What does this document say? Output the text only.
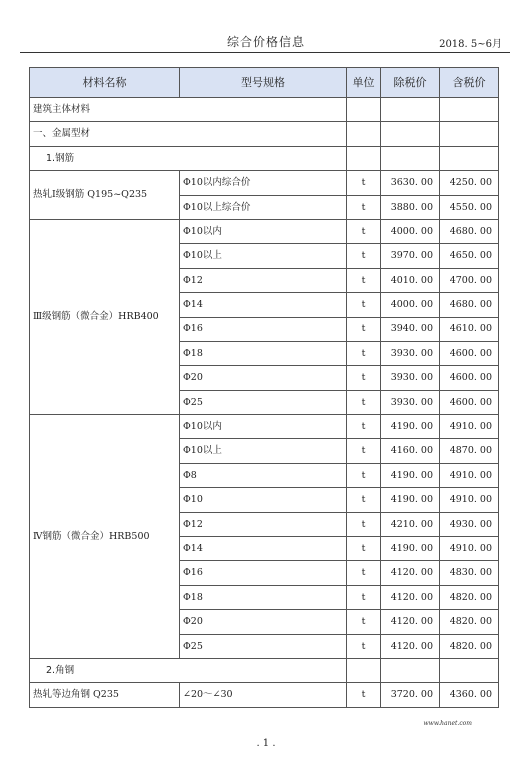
综合价格信息	2018. 5~6月
材料名称	型号规格	单位	除税价	含税价
建筑主体材料				
一、金属型材				
1.钢筋				
热轧Ⅰ级钢筋 Q195~Q235	Φ10以内综合价	t	3630. 00	4250. 00
	Φ10以上综合价	t	3880. 00	4550. 00
Ⅲ级钢筋（微合金）HRB400	Φ10以内	t	4000. 00	4680. 00
	Φ10以上	t	3970. 00	4650. 00
	Φ12	t	4010. 00	4700. 00
	Φ14	t	4000. 00	4680. 00
	Φ16	t	3940. 00	4610. 00
	Φ18	t	3930. 00	4600. 00
	Φ20	t	3930. 00	4600. 00
	Φ25	t	3930. 00	4600. 00
Ⅳ钢筋（微合金）HRB500	Φ10以内	t	4190. 00	4910. 00
	Φ10以上	t	4160. 00	4870. 00
	Φ8	t	4190. 00	4910. 00
	Φ10	t	4190. 00	4910. 00
	Φ12	t	4210. 00	4930. 00
	Φ14	t	4190. 00	4910. 00
	Φ16	t	4120. 00	4830. 00
	Φ18	t	4120. 00	4820. 00
	Φ20	t	4120. 00	4820. 00
	Φ25	t	4120. 00	4820. 00
2.角钢				
热轧等边角钢 Q235	∠20～∠30	t	3720. 00	4360. 00
www.hanet.com
. 1 .
